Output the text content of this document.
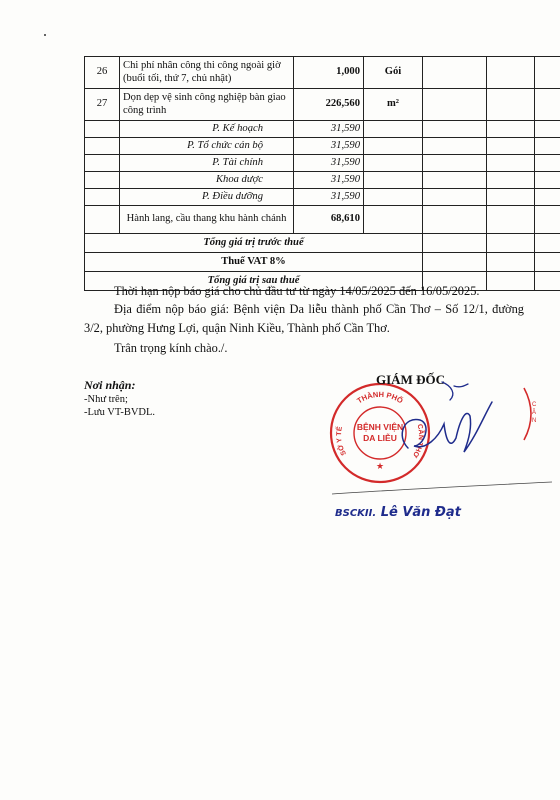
26	Chi phí nhân công thi công ngoài giờ (buổi tối, thứ 7, chủ nhật)	1,000	Gói			
27	Dọn dẹp vệ sinh công nghiệp bàn giao công trình	226,560	m²			
	P. Kế hoạch	31,590				
	P. Tổ chức cán bộ	31,590				
	P. Tài chính	31,590				
	Khoa dược	31,590				
	P. Điều dưỡng	31,590				
	Hành lang, cầu thang khu hành chánh	68,610				
Tổng giá trị trước thuế						
Thuế VAT 8%						
Tổng giá trị sau thuế						
Thời hạn nộp báo giá cho chủ đầu tư từ ngày 14/05/2025 đến 16/05/2025.
Địa điểm nộp báo giá: Bệnh viện Da liễu thành phố Cần Thơ – Số 12/1, đường 3/2, phường Hưng Lợi, quận Ninh Kiều, Thành phố Cần Thơ.
Trân trọng kính chào./.
Nơi nhận:
-Như trên;
-Lưu VT-BVDL.
THÀNH PHỐ
SỞ Y TẾ	CẦN THƠ
BỆNH VIỆN
DA LIỄU
★
C
Â
N
GIÁM ĐỐC
BSCKII. Lê Văn Đạt
